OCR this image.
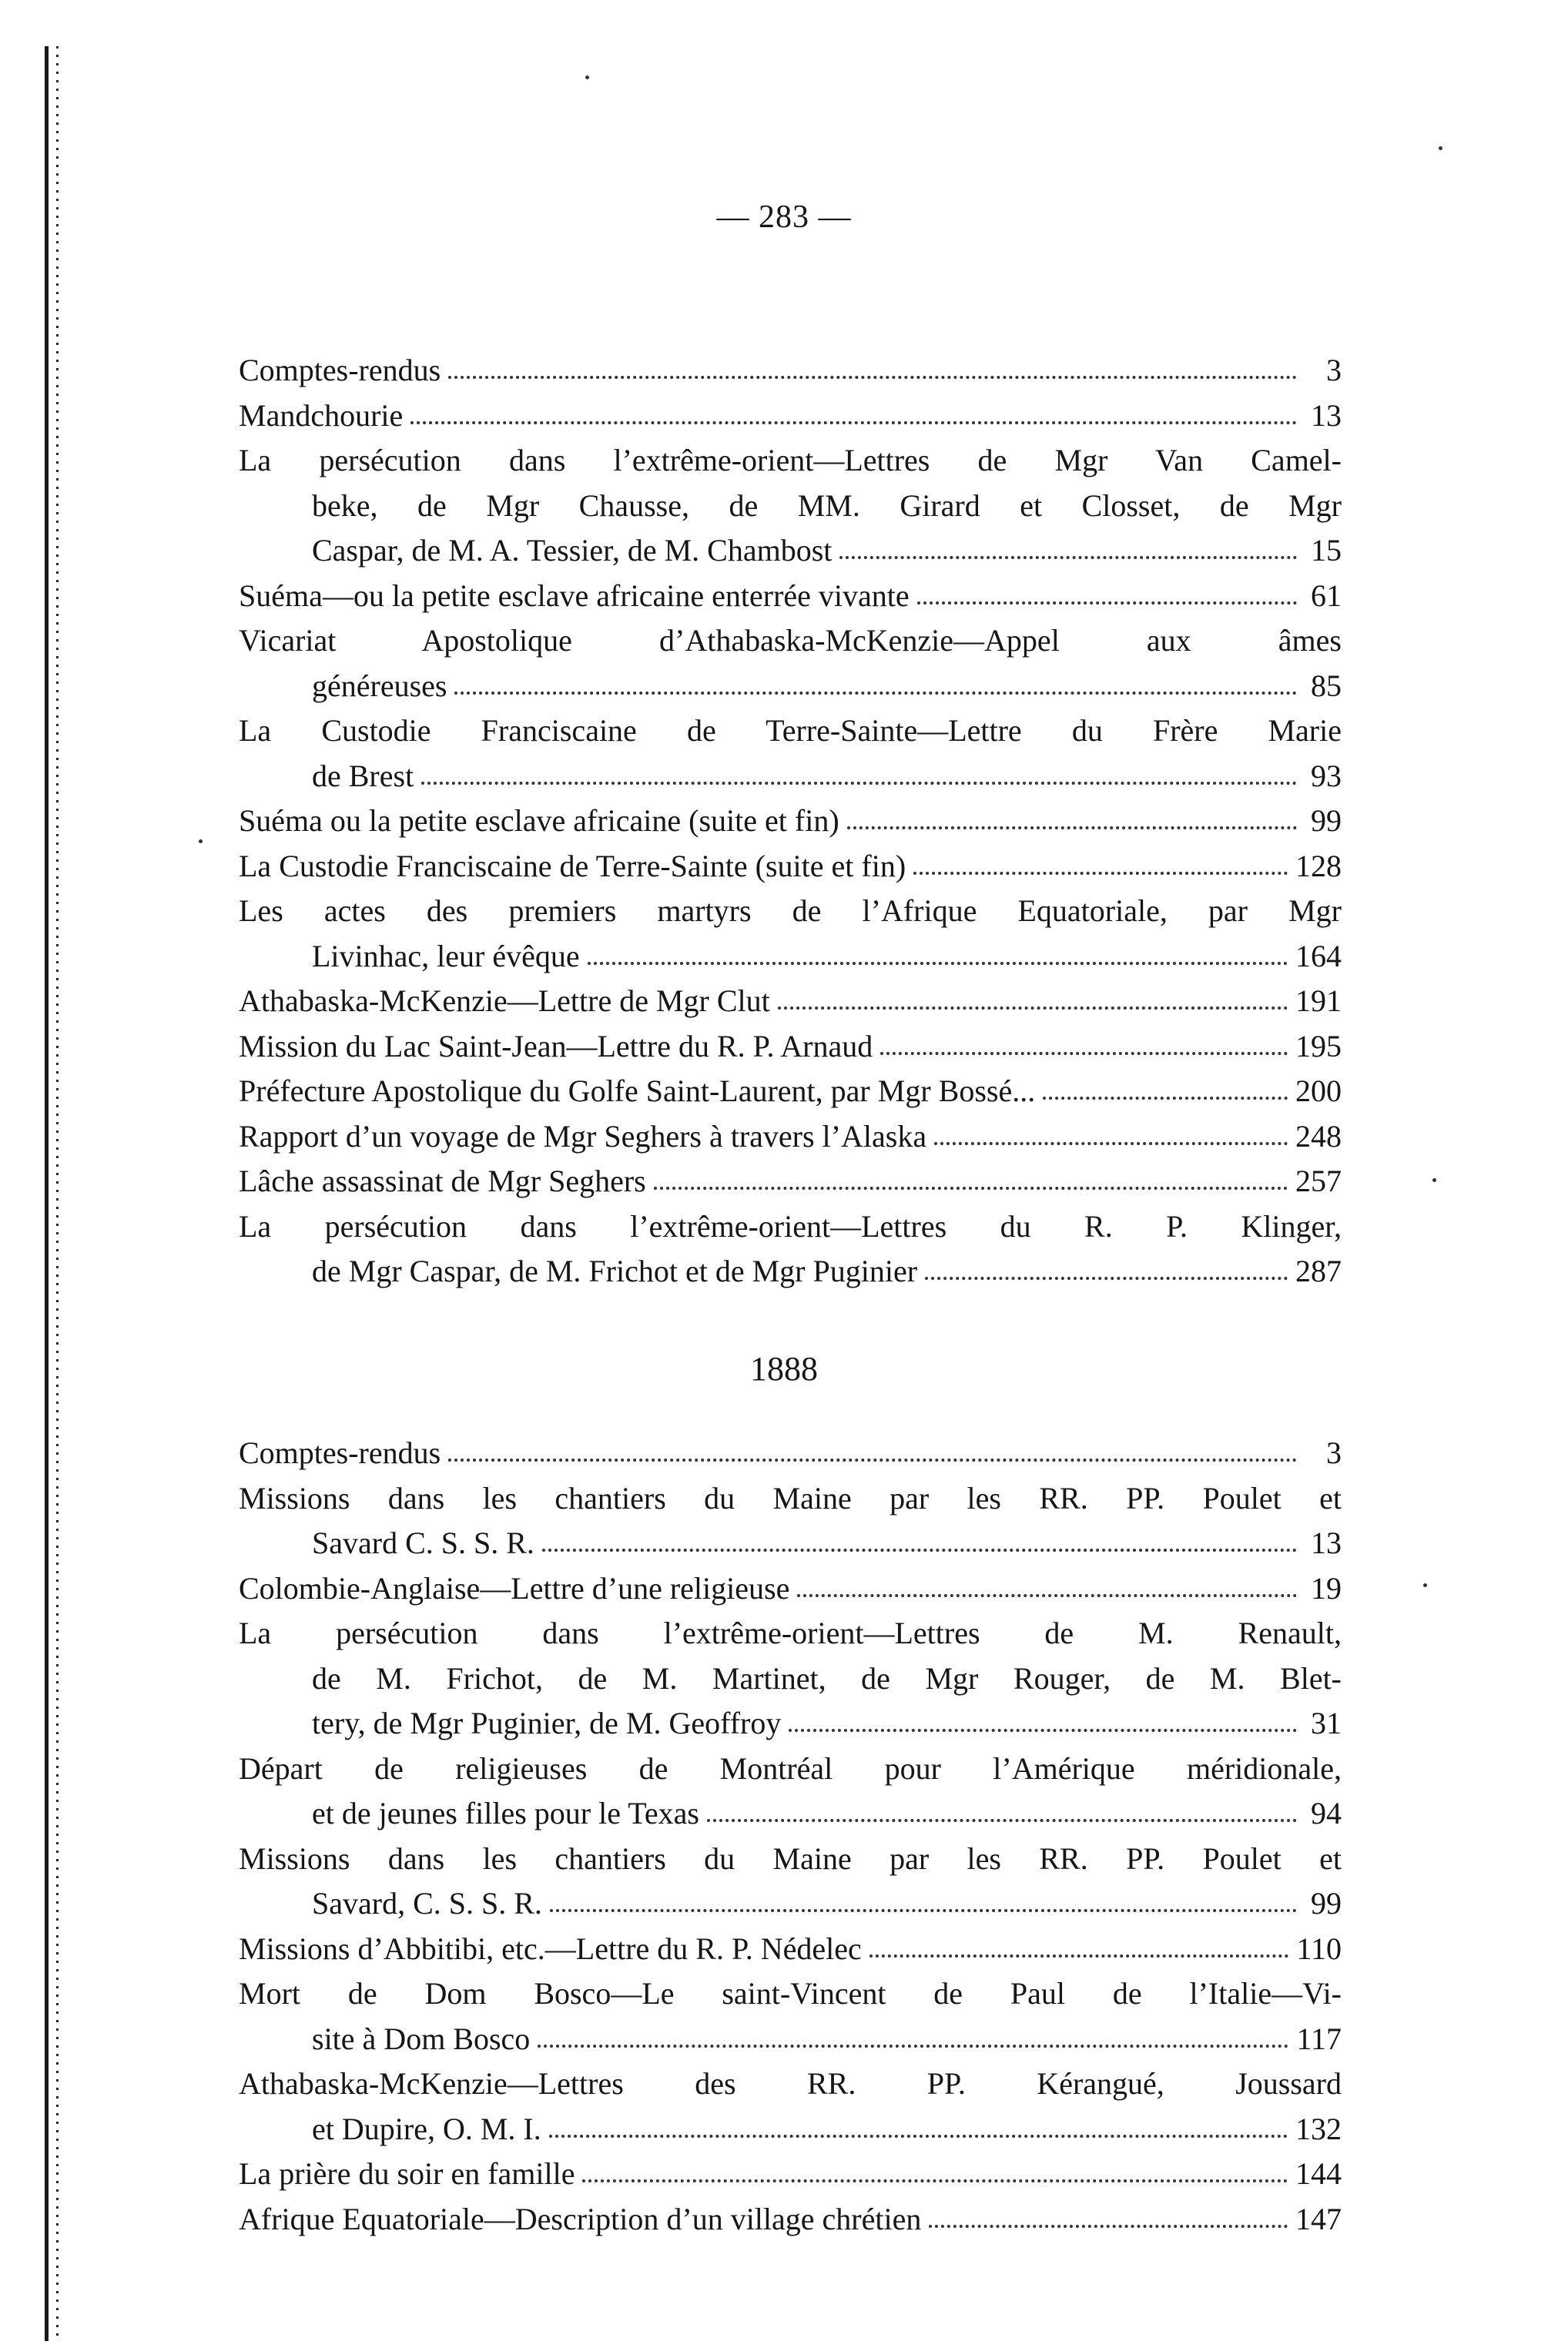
— 283 —
Comptes-rendus	3
Mandchourie	13
La persécution dans l’extrême-orient—Lettres de Mgr Van Camel-
beke, de Mgr Chausse, de MM. Girard et Closset, de Mgr
Caspar, de M. A. Tessier, de M. Chambost	15
Suéma—ou la petite esclave africaine enterrée vivante	61
Vicariat Apostolique d’Athabaska-McKenzie—Appel aux âmes
généreuses	85
La Custodie Franciscaine de Terre-Sainte—Lettre du Frère Marie
de Brest	93
Suéma ou la petite esclave africaine (suite et fin)	99
La Custodie Franciscaine de Terre-Sainte (suite et fin)	128
Les actes des premiers martyrs de l’Afrique Equatoriale, par Mgr
Livinhac, leur évêque	164
Athabaska-McKenzie—Lettre de Mgr Clut	191
Mission du Lac Saint-Jean—Lettre du R. P. Arnaud	195
Préfecture Apostolique du Golfe Saint-Laurent, par Mgr Bossé...	200
Rapport d’un voyage de Mgr Seghers à travers l’Alaska	248
Lâche assassinat de Mgr Seghers	257
La persécution dans l’extrême-orient—Lettres du R. P. Klinger,
de Mgr Caspar, de M. Frichot et de Mgr Puginier	287
1888
Comptes-rendus	3
Missions dans les chantiers du Maine par les RR. PP. Poulet et
Savard C. S. S. R.	13
Colombie-Anglaise—Lettre d’une religieuse	19
La persécution dans l’extrême-orient—Lettres de M. Renault,
de M. Frichot, de M. Martinet, de Mgr Rouger, de M. Blet-
tery, de Mgr Puginier, de M. Geoffroy	31
Départ de religieuses de Montréal pour l’Amérique méridionale,
et de jeunes filles pour le Texas	94
Missions dans les chantiers du Maine par les RR. PP. Poulet et
Savard, C. S. S. R.	99
Missions d’Abbitibi, etc.—Lettre du R. P. Nédelec	110
Mort de Dom Bosco—Le saint-Vincent de Paul de l’Italie—Vi-
site à Dom Bosco	117
Athabaska-McKenzie—Lettres des RR. PP. Kérangué, Joussard
et Dupire, O. M. I.	132
La prière du soir en famille	144
Afrique Equatoriale—Description d’un village chrétien	147
